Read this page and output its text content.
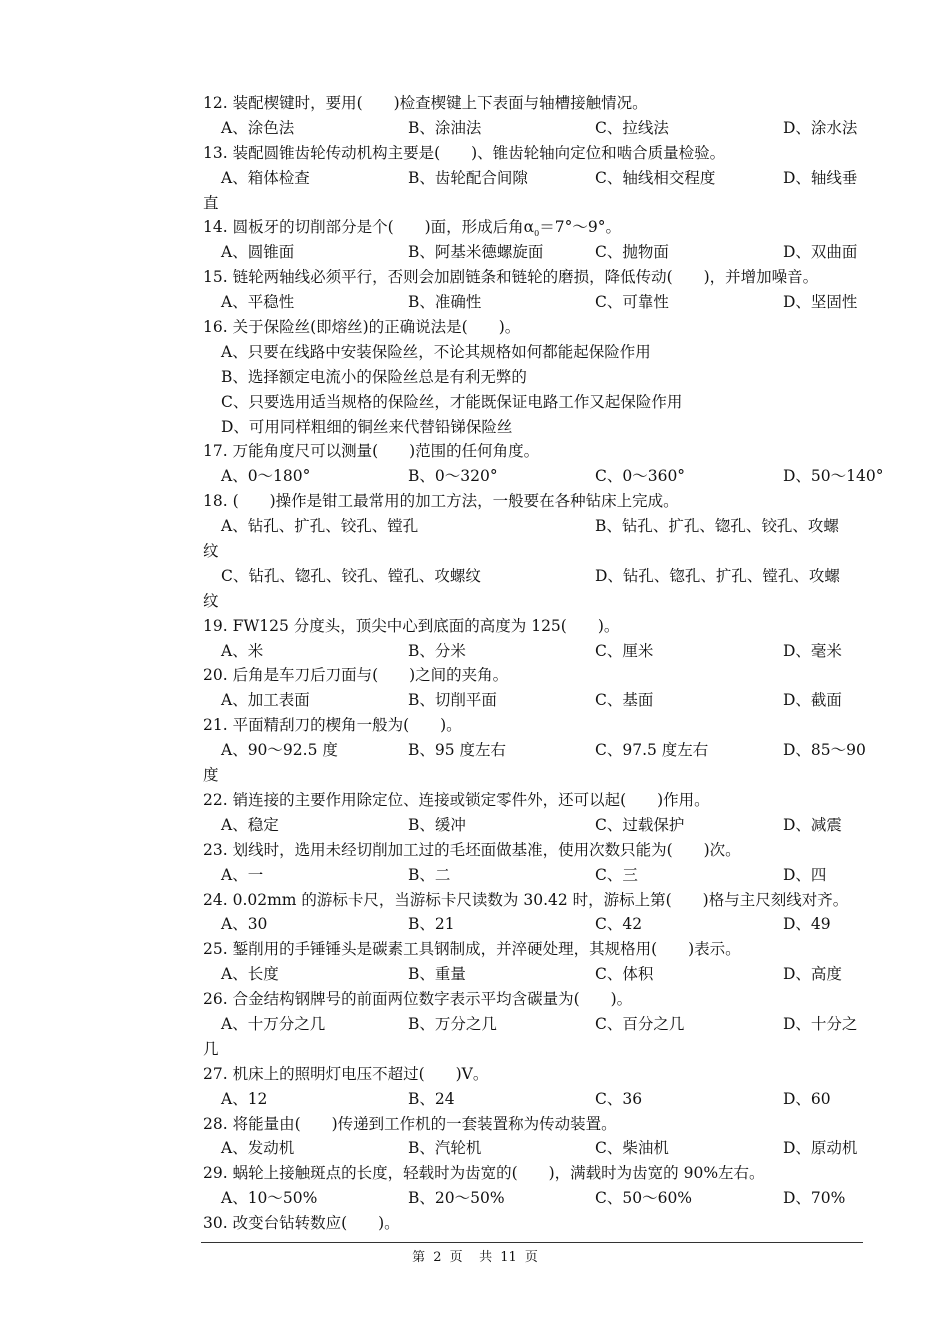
12. 装配楔键时，要用(　　)检查楔键上下表面与轴槽接触情况。
A、涂色法	B、涂油法	C、拉线法	D、涂水法
13. 装配圆锥齿轮传动机构主要是(　　)、锥齿轮轴向定位和啮合质量检验。
A、箱体检查	B、齿轮配合间隙	C、轴线相交程度	D、轴线垂
直
14. 圆板牙的切削部分是个(　　)面，形成后角$\alpha_0=7^\circ\sim 9^\circ$。
A、圆锥面	B、阿基米德螺旋面	C、抛物面	D、双曲面
15. 链轮两轴线必须平行，否则会加剧链条和链轮的磨损，降低传动(　　)，并增加噪音。
A、平稳性	B、准确性	C、可靠性	D、坚固性
16. 关于保险丝(即熔丝)的正确说法是(　　)。
A、只要在线路中安装保险丝，不论其规格如何都能起保险作用
B、选择额定电流小的保险丝总是有利无弊的
C、只要选用适当规格的保险丝，才能既保证电路工作又起保险作用
D、可用同样粗细的铜丝来代替铅锑保险丝
17. 万能角度尺可以测量(　　)范围的任何角度。
A、0～180°	B、0～320°	C、0～360°	D、50～140°
18. (　　)操作是钳工最常用的加工方法，一般要在各种钻床上完成。
A、钻孔、扩孔、铰孔、镗孔	B、钻孔、扩孔、锪孔、铰孔、攻螺
纹
C、钻孔、锪孔、铰孔、镗孔、攻螺纹	D、钻孔、锪孔、扩孔、镗孔、攻螺
纹
19. FW125 分度头，顶尖中心到底面的高度为 125(　　)。
A、米	B、分米	C、厘米	D、毫米
20. 后角是车刀后刀面与(　　)之间的夹角。
A、加工表面	B、切削平面	C、基面	D、截面
21. 平面精刮刀的楔角一般为(　　)。
A、90～92.5 度	B、95 度左右	C、97.5 度左右	D、85～90
度
22. 销连接的主要作用除定位、连接或锁定零件外，还可以起(　　)作用。
A、稳定	B、缓冲	C、过载保护	D、减震
23. 划线时，选用未经切削加工过的毛坯面做基准，使用次数只能为(　　)次。
A、一	B、二	C、三	D、四
24. 0.02mm 的游标卡尺，当游标卡尺读数为 30.42 时，游标上第(　　)格与主尺刻线对齐。
A、30	B、21	C、42	D、49
25. 錾削用的手锤锤头是碳素工具钢制成，并淬硬处理，其规格用(　　)表示。
A、长度	B、重量	C、体积	D、高度
26. 合金结构钢牌号的前面两位数字表示平均含碳量为(　　)。
A、十万分之几	B、万分之几	C、百分之几	D、十分之
几
27. 机床上的照明灯电压不超过(　　)V。
A、12	B、24	C、36	D、60
28. 将能量由(　　)传递到工作机的一套装置称为传动装置。
A、发动机	B、汽轮机	C、柴油机	D、原动机
29. 蜗轮上接触斑点的长度，轻载时为齿宽的(　　)，满载时为齿宽的 90%左右。
A、10～50%	B、20～50%	C、50～60%	D、70%
30. 改变台钻转数应(　　)。
第 2 页 共 11 页
